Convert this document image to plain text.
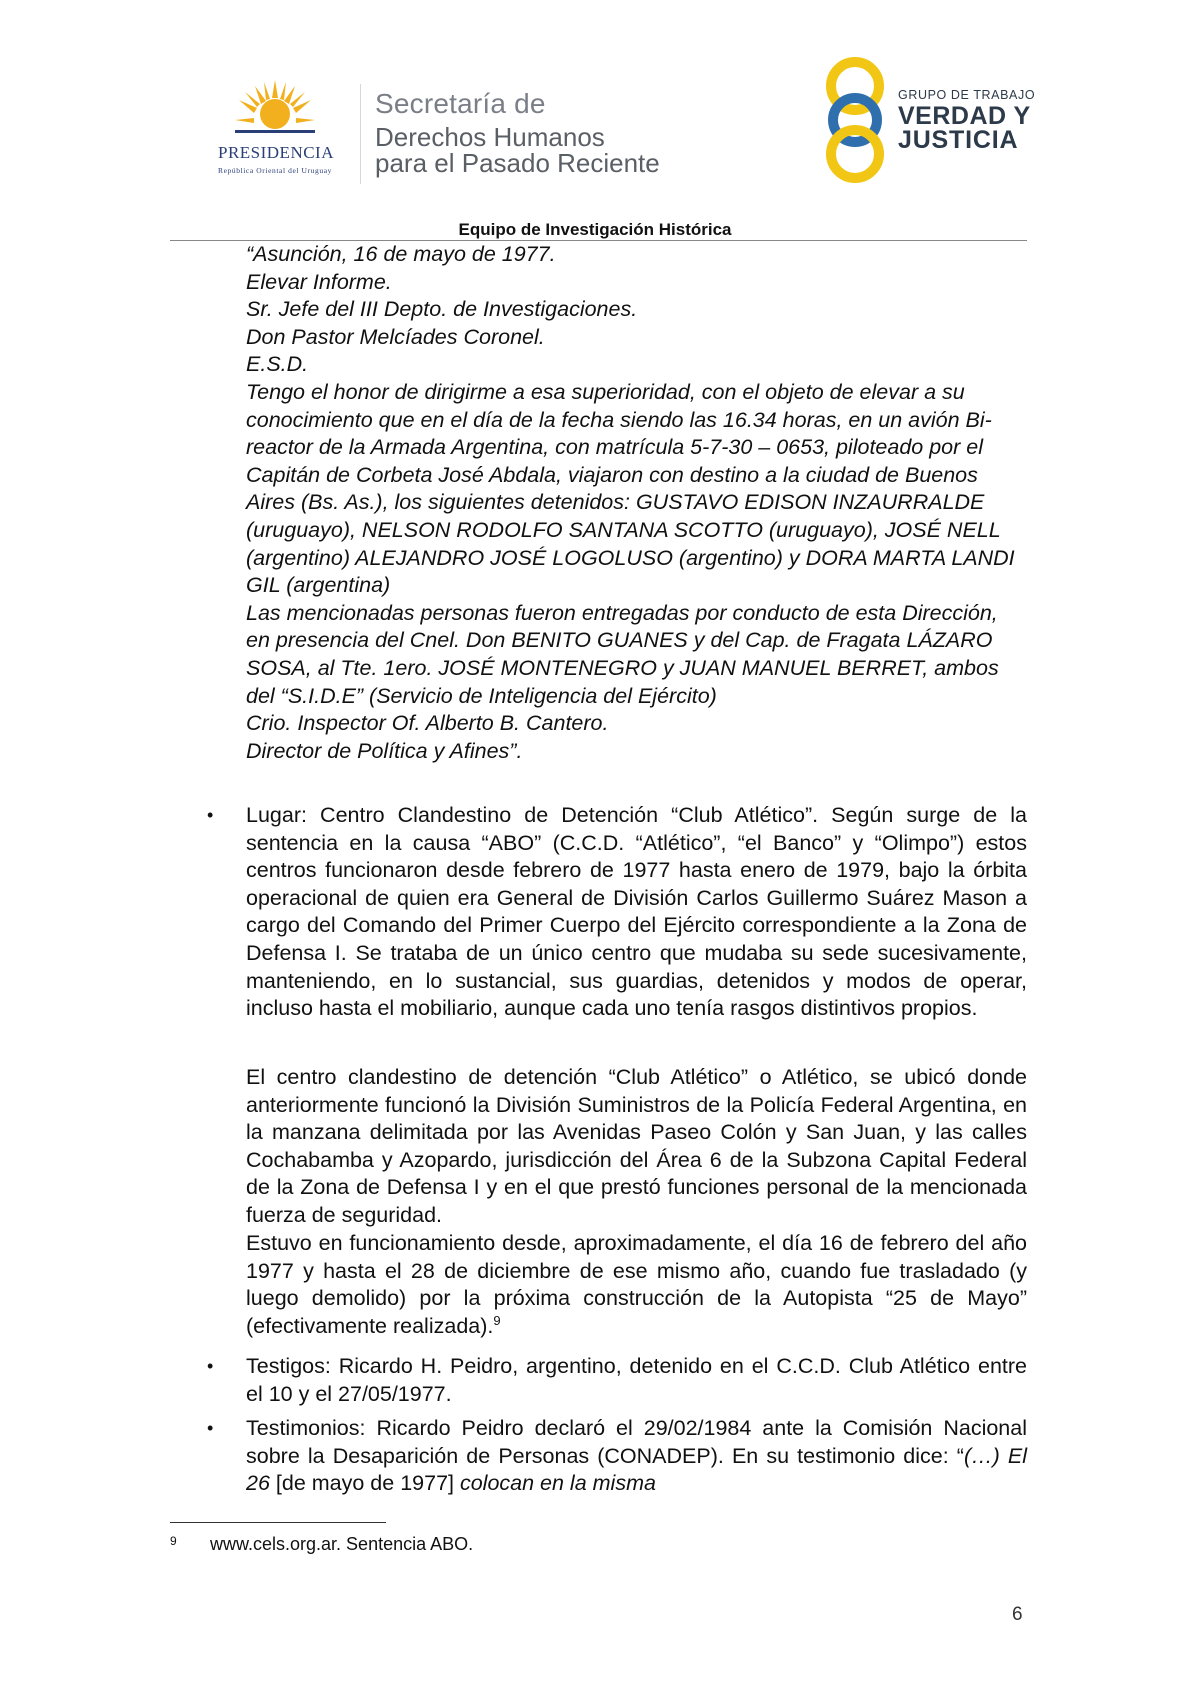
PRESIDENCIA
República Oriental del Uruguay
Secretaría de
Derechos Humanos
para el Pasado Reciente
GRUPO DE TRABAJO
VERDAD Y
JUSTICIA
Equipo de Investigación Histórica
“Asunción, 16 de mayo de 1977.
Elevar Informe.
Sr. Jefe del III Depto. de Investigaciones.
Don Pastor Melcíades Coronel.
E.S.D.
Tengo el honor de dirigirme a esa superioridad, con el objeto de elevar a su conocimiento que en el día de la fecha siendo las 16.34 horas, en un avión Bi-reactor de la Armada Argentina, con matrícula 5-7-30 – 0653, piloteado por el Capitán de Corbeta José Abdala, viajaron con destino a la ciudad de Buenos Aires (Bs. As.), los siguientes detenidos: GUSTAVO EDISON INZAURRALDE (uruguayo), NELSON RODOLFO SANTANA SCOTTO (uruguayo), JOSÉ NELL (argentino) ALEJANDRO JOSÉ LOGOLUSO (argentino) y DORA MARTA LANDI GIL (argentina)
Las mencionadas personas fueron entregadas por conducto de esta Dirección, en presencia del Cnel. Don BENITO GUANES y del Cap. de Fragata LÁZARO SOSA, al Tte. 1ero. JOSÉ MONTENEGRO y JUAN MANUEL BERRET, ambos del “S.I.D.E” (Servicio de Inteligencia del Ejército)
Crio. Inspector Of. Alberto B. Cantero.
Director de Política y Afines”.
• Lugar: Centro Clandestino de Detención “Club Atlético”. Según surge de la sentencia en la causa “ABO” (C.C.D. “Atlético”, “el Banco” y “Olimpo”) estos centros funcionaron desde febrero de 1977 hasta enero de 1979, bajo la órbita operacional de quien era General de División Carlos Guillermo Suárez Mason a cargo del Comando del Primer Cuerpo del Ejército correspondiente a la Zona de Defensa I. Se trataba de un único centro que mudaba su sede sucesivamente, manteniendo, en lo sustancial, sus guardias, detenidos y modos de operar, incluso hasta el mobiliario, aunque cada uno tenía rasgos distintivos propios.
El centro clandestino de detención “Club Atlético” o Atlético, se ubicó donde anteriormente funcionó la División Suministros de la Policía Federal Argentina, en la manzana delimitada por las Avenidas Paseo Colón y San Juan, y las calles Cochabamba y Azopardo, jurisdicción del Área 6 de la Subzona Capital Federal de la Zona de Defensa I y en el que prestó funciones personal de la mencionada fuerza de seguridad.
Estuvo en funcionamiento desde, aproximadamente, el día 16 de febrero del año 1977 y hasta el 28 de diciembre de ese mismo año, cuando fue trasladado (y luego demolido) por la próxima construcción de la Autopista “25 de Mayo” (efectivamente realizada).$^9$
• Testigos: Ricardo H. Peidro, argentino, detenido en el C.C.D. Club Atlético entre el 10 y el 27/05/1977.
• Testimonios: Ricardo Peidro declaró el 29/02/1984 ante la Comisión Nacional sobre la Desaparición de Personas (CONADEP). En su testimonio dice: “(…) El 26 [de mayo de 1977] colocan en la misma
9 www.cels.org.ar. Sentencia ABO.
6
